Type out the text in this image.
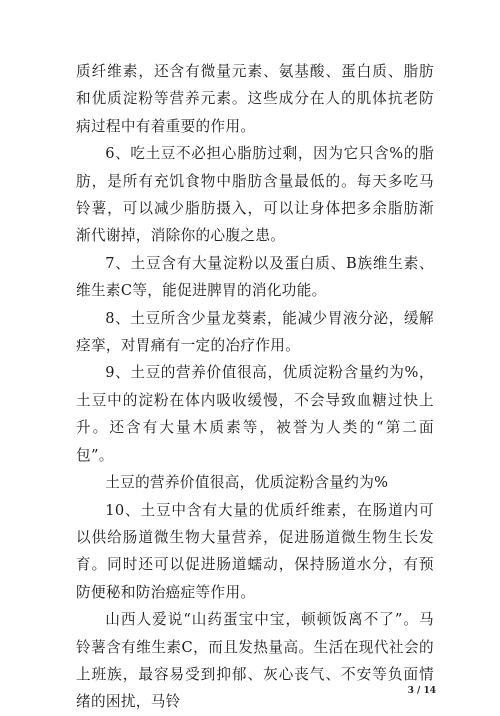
质纤维素，还含有微量元素、氨基酸、蛋白质、脂肪和优质淀粉等营养元素。这些成分在人的肌体抗老防病过程中有着重要的作用。

6、吃土豆不必担心脂肪过剩，因为它只含%的脂肪，是所有充饥食物中脂肪含量最低的。每天多吃马铃薯，可以减少脂肪摄入，可以让身体把多余脂肪渐渐代谢掉，消除你的心腹之患。

7、土豆含有大量淀粉以及蛋白质、B族维生素、维生素C等，能促进脾胃的消化功能。

8、土豆所含少量龙葵素，能减少胃液分泌，缓解痉挛，对胃痛有一定的冶疗作用。

9、土豆的营养价值很高，优质淀粉含量约为%，土豆中的淀粉在体内吸收缓慢，不会导致血糖过快上升。还含有大量木质素等，被誉为人类的“第二面包”。

土豆的营养价值很高，优质淀粉含量约为%

10、土豆中含有大量的优质纤维素，在肠道内可以供给肠道微生物大量营养，促进肠道微生物生长发育。同时还可以促进肠道蠕动，保持肠道水分，有预防便秘和防治癌症等作用。

山西人爱说“山药蛋宝中宝，顿顿饭离不了”。马铃薯含有维生素C，而且发热量高。生活在现代社会的上班族，最容易受到抑郁、灰心丧气、不安等负面情绪的困扰，马铃

3 / 14
